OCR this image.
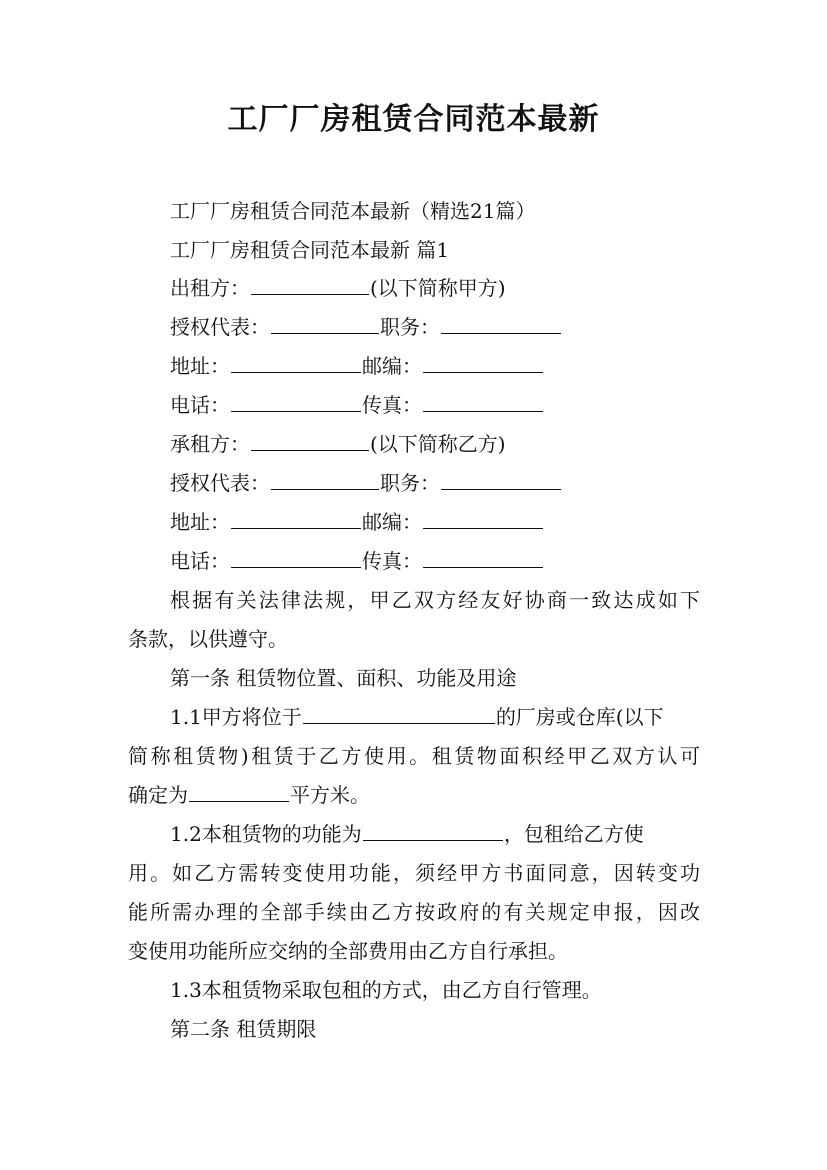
工厂厂房租赁合同范本最新
工厂厂房租赁合同范本最新（精选21篇）
工厂厂房租赁合同范本最新 篇1
出租方：	(以下简称甲方)
授权代表：	职务：
地址：	邮编：
电话：	传真：
承租方：	(以下简称乙方)
授权代表：	职务：
地址：	邮编：
电话：	传真：
根据有关法律法规，甲乙双方经友好协商一致达成如下
条款，以供遵守。
第一条 租赁物位置、面积、功能及用途
1.1甲方将位于	的厂房或仓库(以下
简称租赁物)租赁于乙方使用。租赁物面积经甲乙双方认可
确定为	平方米。
1.2本租赁物的功能为	，包租给乙方使
用。如乙方需转变使用功能，须经甲方书面同意，因转变功
能所需办理的全部手续由乙方按政府的有关规定申报，因改
变使用功能所应交纳的全部费用由乙方自行承担。
1.3本租赁物采取包租的方式，由乙方自行管理。
第二条 租赁期限
